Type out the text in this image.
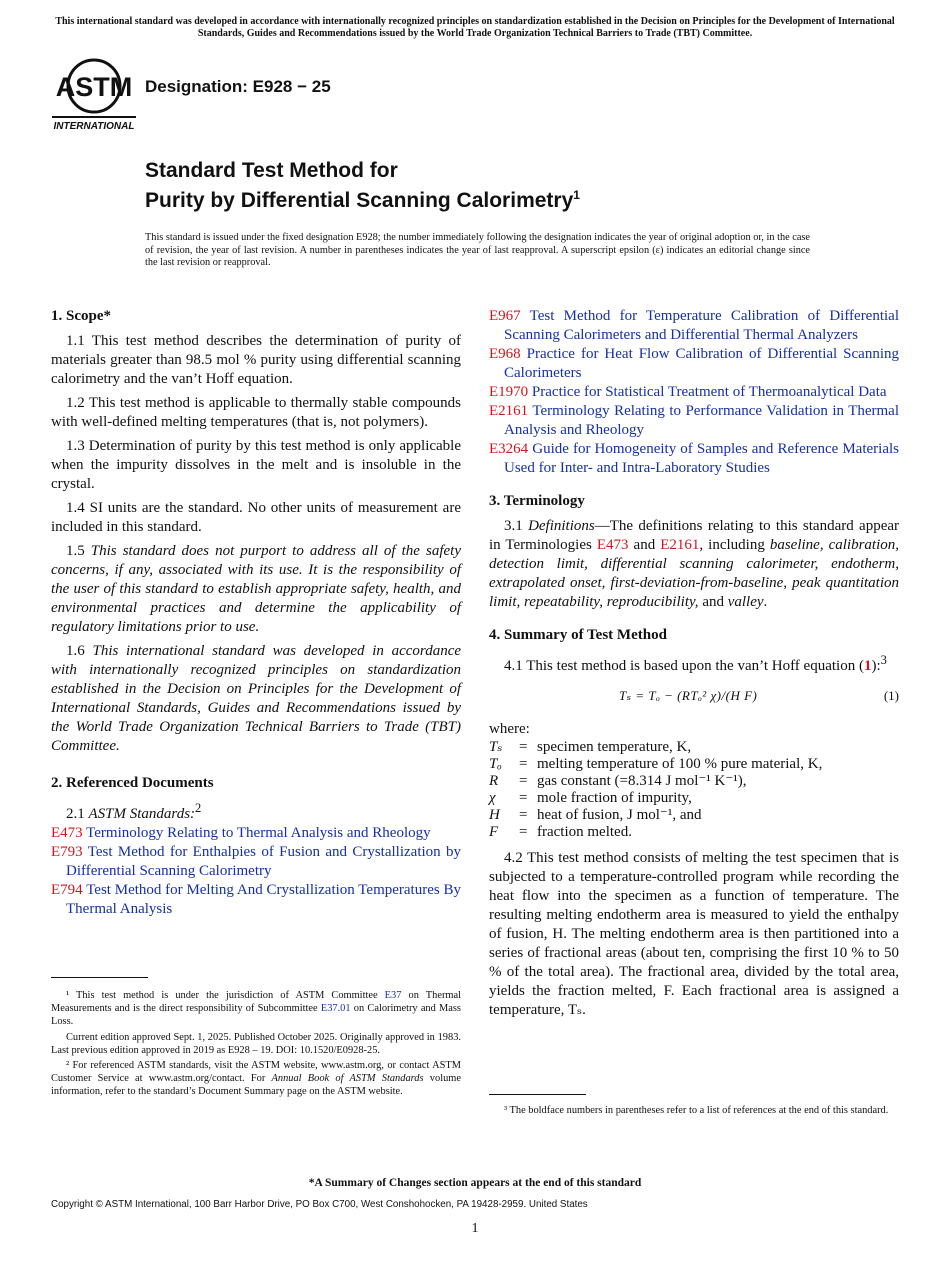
This international standard was developed in accordance with internationally recognized principles on standardization established in the Decision on Principles for the Development of International Standards, Guides and Recommendations issued by the World Trade Organization Technical Barriers to Trade (TBT) Committee.
ASTM
INTERNATIONAL
Designation: E928 − 25
Standard Test Method for
Purity by Differential Scanning Calorimetry$^1$
This standard is issued under the fixed designation E928; the number immediately following the designation indicates the year of original adoption or, in the case of revision, the year of last revision. A number in parentheses indicates the year of last reapproval. A superscript epsilon (ε) indicates an editorial change since the last revision or reapproval.
1. Scope*

1.1 This test method describes the determination of purity of materials greater than 98.5 mol % purity using differential scanning calorimetry and the van’t Hoff equation.

1.2 This test method is applicable to thermally stable compounds with well-defined melting temperatures (that is, not polymers).

1.3 Determination of purity by this test method is only applicable when the impurity dissolves in the melt and is insoluble in the crystal.

1.4 SI units are the standard. No other units of measurement are included in this standard.

1.5 This standard does not purport to address all of the safety concerns, if any, associated with its use. It is the responsibility of the user of this standard to establish appropriate safety, health, and environmental practices and determine the applicability of regulatory limitations prior to use.

1.6 This international standard was developed in accordance with internationally recognized principles on standardization established in the Decision on Principles for the Development of International Standards, Guides and Recommendations issued by the World Trade Organization Technical Barriers to Trade (TBT) Committee.

2. Referenced Documents
2.1 ASTM Standards:$^2$
E473 Terminology Relating to Thermal Analysis and Rheology
E793 Test Method for Enthalpies of Fusion and Crystallization by Differential Scanning Calorimetry
E794 Test Method for Melting And Crystallization Temperatures By Thermal Analysis

¹ This test method is under the jurisdiction of ASTM Committee E37 on Thermal Measurements and is the direct responsibility of Subcommittee E37.01 on Calorimetry and Mass Loss.

Current edition approved Sept. 1, 2025. Published October 2025. Originally approved in 1983. Last previous edition approved in 2019 as E928 – 19. DOI: 10.1520/E0928-25.

² For referenced ASTM standards, visit the ASTM website, www.astm.org, or contact ASTM Customer Service at www.astm.org/contact. For Annual Book of ASTM Standards volume information, refer to the standard’s Document Summary page on the ASTM website.

E967 Test Method for Temperature Calibration of Differential Scanning Calorimeters and Differential Thermal Analyzers
E968 Practice for Heat Flow Calibration of Differential Scanning Calorimeters
E1970 Practice for Statistical Treatment of Thermoanalytical Data
E2161 Terminology Relating to Performance Validation in Thermal Analysis and Rheology
E3264 Guide for Homogeneity of Samples and Reference Materials Used for Inter- and Intra-Laboratory Studies
3. Terminology

3.1 Definitions—The definitions relating to this standard appear in Terminologies E473 and E2161, including baseline, calibration, detection limit, differential scanning calorimeter, endotherm, extrapolated onset, first-deviation-from-baseline, peak quantitation limit, repeatability, reproducibility, and valley.

4. Summary of Test Method

4.1 This test method is based upon the van’t Hoff equation (1):$^3$

Tₛ = Tₒ − (RTₒ² χ)/(H F)	(1)
where:
Tₛ	= specimen temperature, K,
Tₒ	= melting temperature of 100 % pure material, K,
R	= gas constant (=8.314 J mol⁻¹ K⁻¹),
χ	= mole fraction of impurity,
H	= heat of fusion, J mol⁻¹, and
F	= fraction melted.

4.2 This test method consists of melting the test specimen that is subjected to a temperature-controlled program while recording the heat flow into the specimen as a function of temperature. The resulting melting endotherm area is measured to yield the enthalpy of fusion, H. The melting endotherm area is then partitioned into a series of fractional areas (about ten, comprising the first 10 % to 50 % of the total area). The fractional area, divided by the total area, yields the fraction melted, F. Each fractional area is assigned a temperature, Tₛ.

³ The boldface numbers in parentheses refer to a list of references at the end of this standard.

*A Summary of Changes section appears at the end of this standard
Copyright © ASTM International, 100 Barr Harbor Drive, PO Box C700, West Conshohocken, PA 19428-2959. United States
1
